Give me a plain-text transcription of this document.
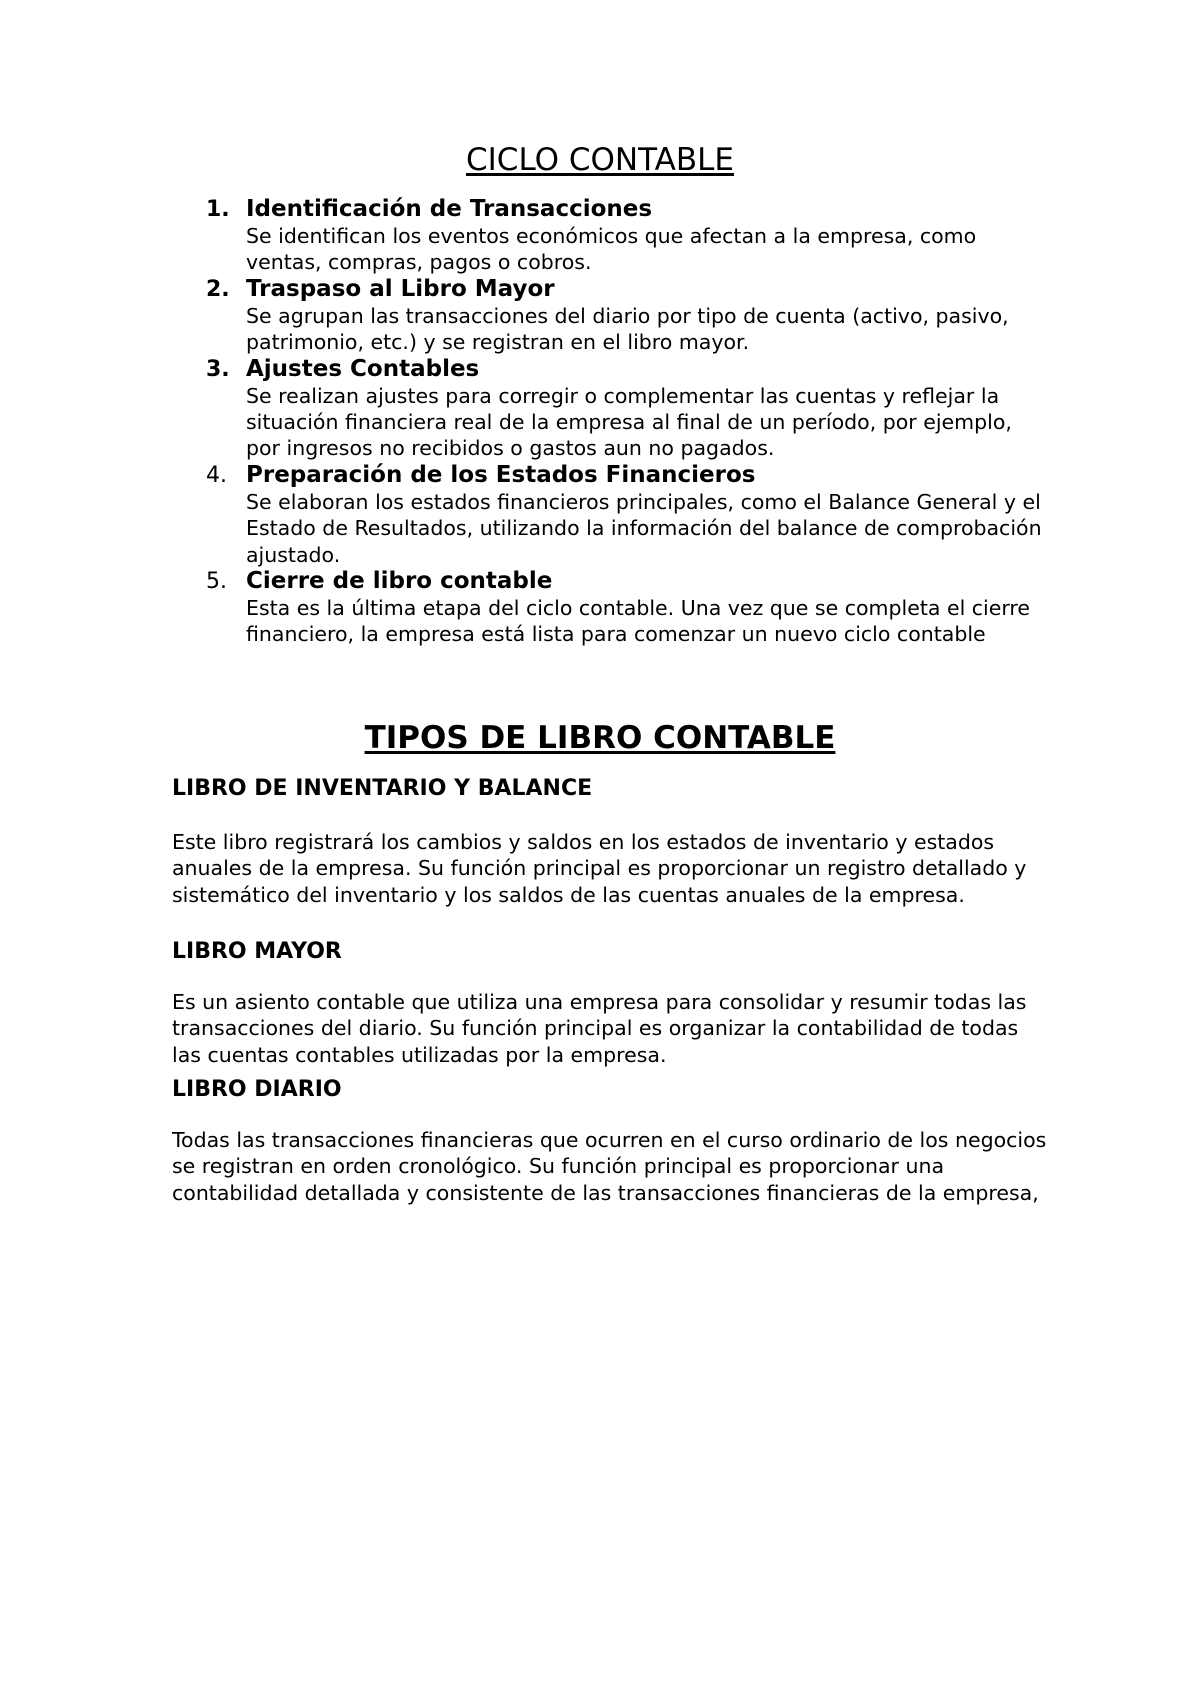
CICLO CONTABLE
1. Identificación de Transacciones
Se identifican los eventos económicos que afectan a la empresa, como ventas, compras, pagos o cobros.
2. Traspaso al Libro Mayor
Se agrupan las transacciones del diario por tipo de cuenta (activo, pasivo, patrimonio, etc.) y se registran en el libro mayor.
3. Ajustes Contables
Se realizan ajustes para corregir o complementar las cuentas y reflejar la situación financiera real de la empresa al final de un período, por ejemplo, por ingresos no recibidos o gastos aun no pagados.
4. Preparación de los Estados Financieros
Se elaboran los estados financieros principales, como el Balance General y el Estado de Resultados, utilizando la información del balance de comprobación ajustado.
5. Cierre de libro contable
Esta es la última etapa del ciclo contable. Una vez que se completa el cierre financiero, la empresa está lista para comenzar un nuevo ciclo contable
TIPOS DE LIBRO CONTABLE
LIBRO DE INVENTARIO Y BALANCE

Este libro registrará los cambios y saldos en los estados de inventario y estados anuales de la empresa. Su función principal es proporcionar un registro detallado y sistemático del inventario y los saldos de las cuentas anuales de la empresa.

LIBRO MAYOR

Es un asiento contable que utiliza una empresa para consolidar y resumir todas las transacciones del diario. Su función principal es organizar la contabilidad de todas las cuentas contables utilizadas por la empresa.

LIBRO DIARIO

Todas las transacciones financieras que ocurren en el curso ordinario de los negocios se registran en orden cronológico. Su función principal es proporcionar una contabilidad detallada y consistente de las transacciones financieras de la empresa,
